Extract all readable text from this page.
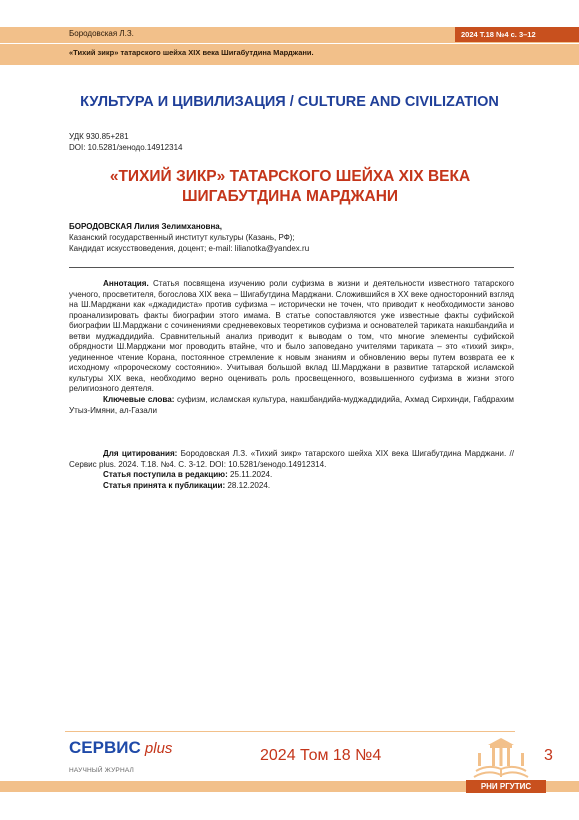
Бородовская Л.З.	2024 Т.18 №4 с. 3–12
«Тихий зикр» татарского шейха XIX века Шигабутдина Марджани.
КУЛЬТУРА И ЦИВИЛИЗАЦИЯ / CULTURE AND CIVILIZATION
УДК 930.85+281
DOI: 10.5281/зенодо.14912314
«ТИХИЙ ЗИКР» ТАТАРСКОГО ШЕЙХА XIX ВЕКА
ШИГАБУТДИНА МАРДЖАНИ
БОРОДОВСКАЯ Лилия Зелимхановна,
Казанский государственный институт культуры (Казань, РФ);
Кандидат искусствоведения, доцент; e-mail: lilianotka@yandex.ru

Аннотация. Статья посвящена изучению роли суфизма в жизни и деятельности известного татарского ученого, просветителя, богослова XIX века – Шигабутдина Марджани. Сложившийся в XX веке односторонний взгляд на Ш.Марджани как «джадидиста» против суфизма – исторически не точен, что приводит к необходимости заново проанализировать факты биографии этого имама. В статье сопоставляются уже известные факты суфийской биографии Ш.Марджани с сочинениями средневековых теоретиков суфизма и основателей тариката накшбандийа и ветви муджаддидийа. Сравнительный анализ приводит к выводам о том, что многие элементы суфийской обрядности Ш.Марджани мог проводить втайне, что и было заповедано учителями тариката – это «тихий зикр», уединенное чтение Корана, постоянное стремление к новым знаниям и обновлению веры путем возврата ее к исходному «пророческому состоянию». Учитывая большой вклад Ш.Марджани в развитие татарской исламской культуры XIX века, необходимо верно оценивать роль просвещенного, возвышенного суфизма в жизни этого религиозного деятеля.

Ключевые слова: суфизм, исламская культура, накшбандийа-муджаддидийа, Ахмад Сирхинди, Габдрахим Утыз-Имяни, ал-Газали

Для цитирования: Бородовская Л.З. «Тихий зикр» татарского шейха XIX века Шигабутдина Марджани. // Сервис plus. 2024. Т.18. №4. С. 3-12. DOI: 10.5281/зенодо.14912314.

Статья поступила в редакцию: 25.11.2024.

Статья принята к публикации: 28.12.2024.

СЕРВИС plus
НАУЧНЫЙ ЖУРНАЛ
2024 Том 18 №4	3
РНИ РГУТИС
